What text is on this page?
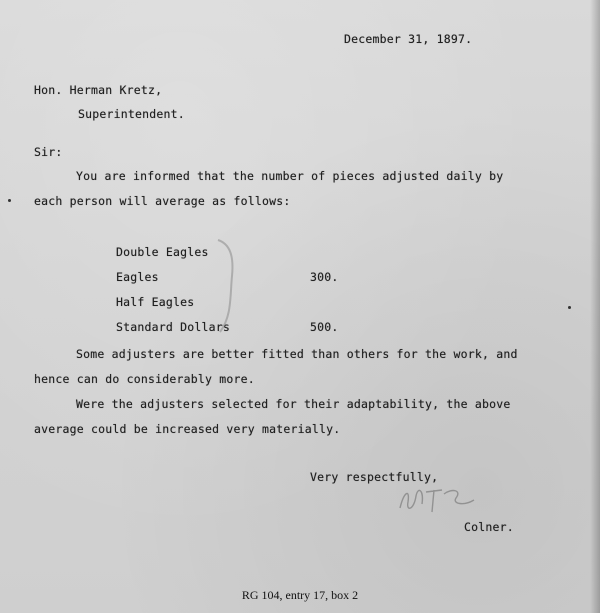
December 31, 1897.
Hon. Herman Kretz,
Superintendent.
Sir:
You are informed that the number of pieces adjusted daily by
each person will average as follows:
Double Eagles
Eagles	300.
Half Eagles
Standard Dollars	500.
Some adjusters are better fitted than others for the work, and
hence can do considerably more.
Were the adjusters selected for their adaptability, the above
average could be increased very materially.
Very respectfully,
Colner.
RG 104, entry 17, box 2
